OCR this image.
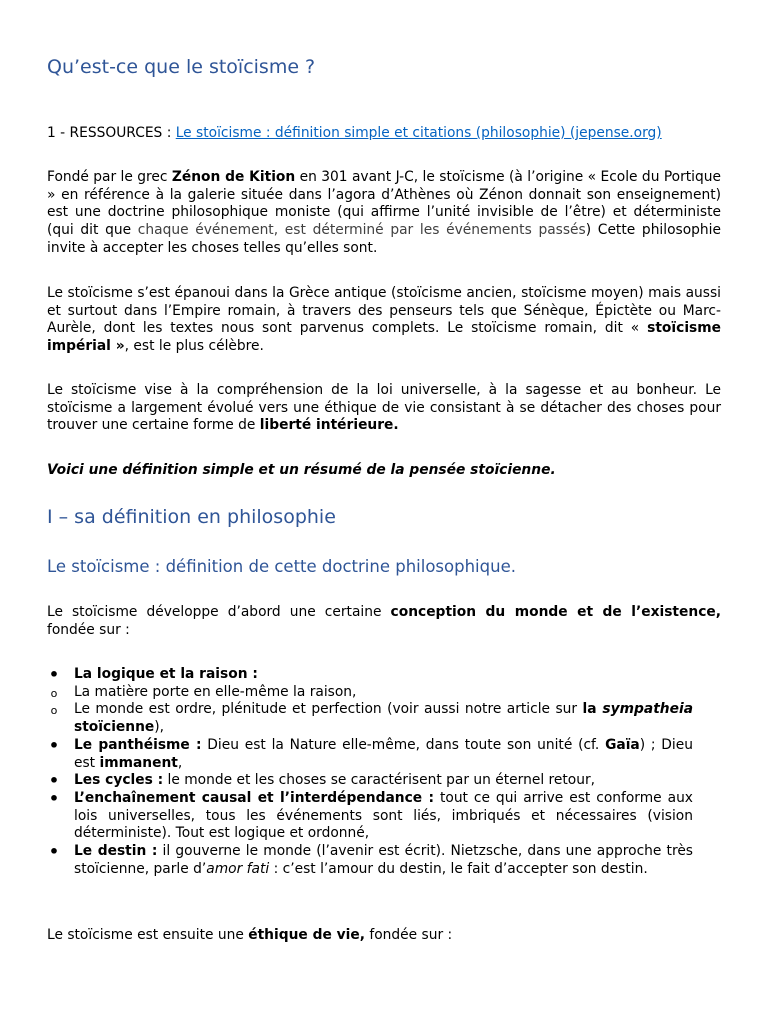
Qu’est-ce que le stoïcisme ?
1 - RESSOURCES : Le stoïcisme : définition simple et citations (philosophie) (jepense.org)

Fondé par le grec Zénon de Kition en 301 avant J-C, le stoïcisme (à l’origine « Ecole du Portique » en référence à la galerie située dans l’agora d’Athènes où Zénon donnait son enseignement) est une doctrine philosophique moniste (qui affirme l’unité invisible de l’être) et déterministe (qui dit que chaque événement, est déterminé par les événements passés) Cette philosophie invite à accepter les choses telles qu’elles sont.

Le stoïcisme s’est épanoui dans la Grèce antique (stoïcisme ancien, stoïcisme moyen) mais aussi et surtout dans l’Empire romain, à travers des penseurs tels que Sénèque, Épictète ou Marc-Aurèle, dont les textes nous sont parvenus complets. Le stoïcisme romain, dit « stoïcisme impérial », est le plus célèbre.

Le stoïcisme vise à la compréhension de la loi universelle, à la sagesse et au bonheur. Le stoïcisme a largement évolué vers une éthique de vie consistant à se détacher des choses pour trouver une certaine forme de liberté intérieure.

Voici une définition simple et un résumé de la pensée stoïcienne.

I – sa définition en philosophie
Le stoïcisme : définition de cette doctrine philosophique.

Le stoïcisme développe d’abord une certaine conception du monde et de l’existence, fondée sur :

• La logique et la raison :
o La matière porte en elle-même la raison,
o Le monde est ordre, plénitude et perfection (voir aussi notre article sur la sympatheia stoïcienne),
• Le panthéisme : Dieu est la Nature elle-même, dans toute son unité (cf. Gaïa) ; Dieu est immanent,
• Les cycles : le monde et les choses se caractérisent par un éternel retour,
• L’enchaînement causal et l’interdépendance : tout ce qui arrive est conforme aux lois universelles, tous les événements sont liés, imbriqués et nécessaires (vision déterministe). Tout est logique et ordonné,
• Le destin : il gouverne le monde (l’avenir est écrit). Nietzsche, dans une approche très stoïcienne, parle d’amor fati : c’est l’amour du destin, le fait d’accepter son destin.

Le stoïcisme est ensuite une éthique de vie, fondée sur :
